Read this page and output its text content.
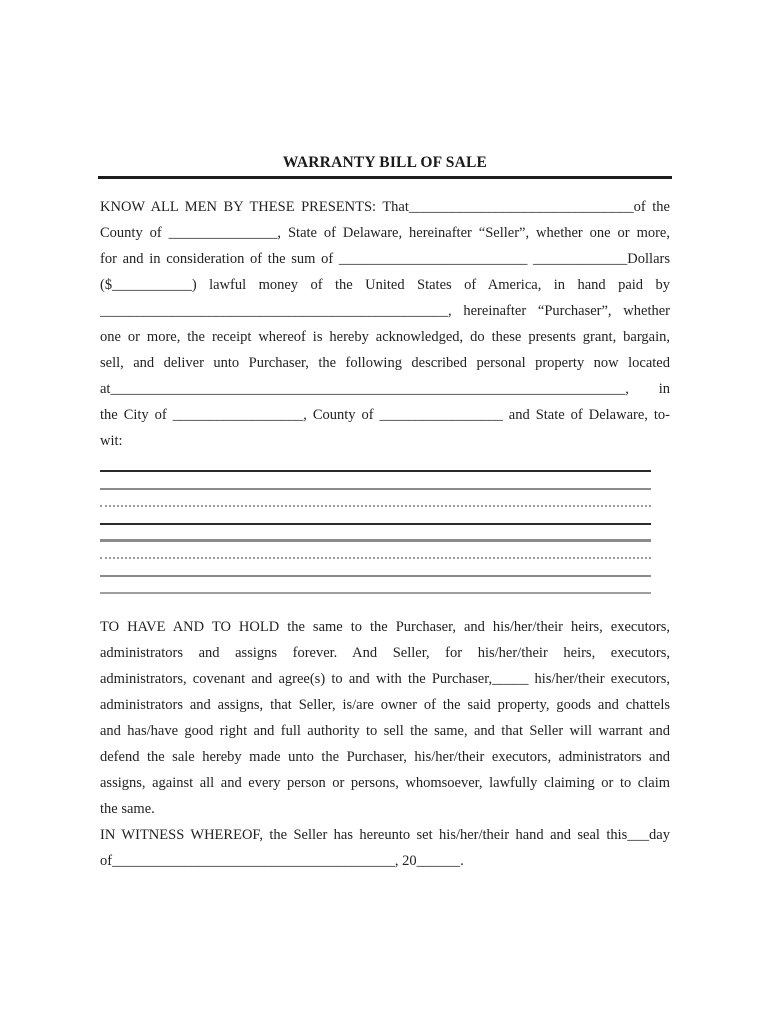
WARRANTY BILL OF SALE
KNOW ALL MEN BY THESE PRESENTS: That_______________________________of the
County of _______________, State of Delaware, hereinafter “Seller”, whether one or more,
for and in consideration of the sum of __________________________ _____________Dollars
($___________) lawful money of the United States of America, in hand paid by
________________________________________________, hereinafter “Purchaser”, whether
one or more, the receipt whereof is hereby acknowledged, do these presents grant, bargain,
sell, and deliver unto Purchaser, the following described personal property now located
at_______________________________________________________________________, in
the City of __________________, County of _________________ and State of Delaware, to-
wit:
TO HAVE AND TO HOLD the same to the Purchaser, and his/her/their heirs, executors,
administrators and assigns forever. And Seller, for his/her/their heirs, executors,
administrators, covenant and agree(s) to and with the Purchaser,_____ his/her/their executors,
administrators and assigns, that Seller, is/are owner of the said property, goods and chattels
and has/have good right and full authority to sell the same, and that Seller will warrant and
defend the sale hereby made unto the Purchaser, his/her/their executors, administrators and
assigns, against all and every person or persons, whomsoever, lawfully claiming or to claim
the same.
IN WITNESS WHEREOF, the Seller has hereunto set his/her/their hand and seal this___day
of_______________________________________, 20______.
